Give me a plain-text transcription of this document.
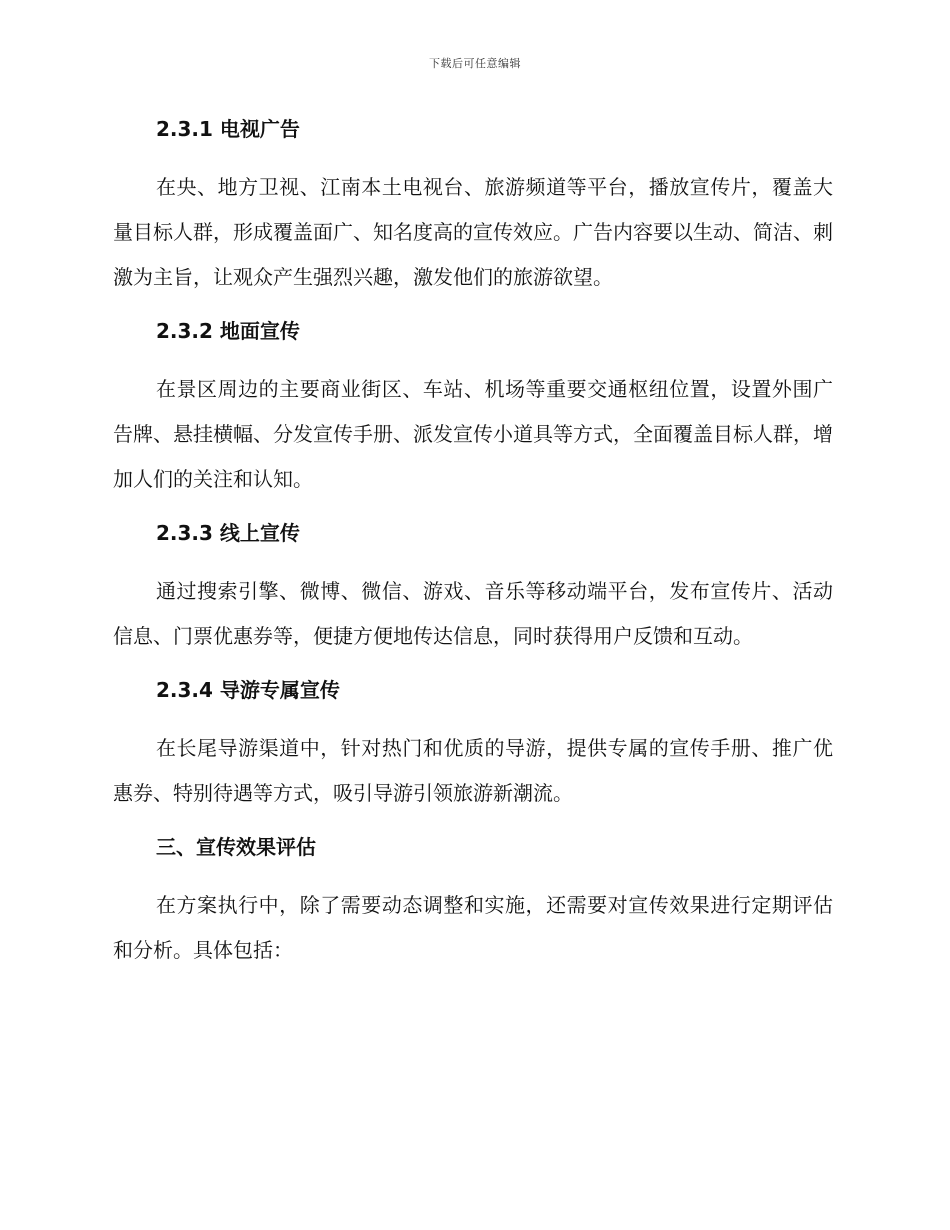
下载后可任意编辑
2.3.1 电视广告

在央、地方卫视、江南本土电视台、旅游频道等平台，播放宣传片，覆盖大量目标人群，形成覆盖面广、知名度高的宣传效应。广告内容要以生动、简洁、刺激为主旨，让观众产生强烈兴趣，激发他们的旅游欲望。

2.3.2 地面宣传

在景区周边的主要商业街区、车站、机场等重要交通枢纽位置，设置外围广告牌、悬挂横幅、分发宣传手册、派发宣传小道具等方式，全面覆盖目标人群，增加人们的关注和认知。

2.3.3 线上宣传

通过搜索引擎、微博、微信、游戏、音乐等移动端平台，发布宣传片、活动信息、门票优惠券等，便捷方便地传达信息，同时获得用户反馈和互动。

2.3.4 导游专属宣传

在长尾导游渠道中，针对热门和优质的导游，提供专属的宣传手册、推广优惠券、特别待遇等方式，吸引导游引领旅游新潮流。

三、宣传效果评估

在方案执行中，除了需要动态调整和实施，还需要对宣传效果进行定期评估和分析。具体包括：
